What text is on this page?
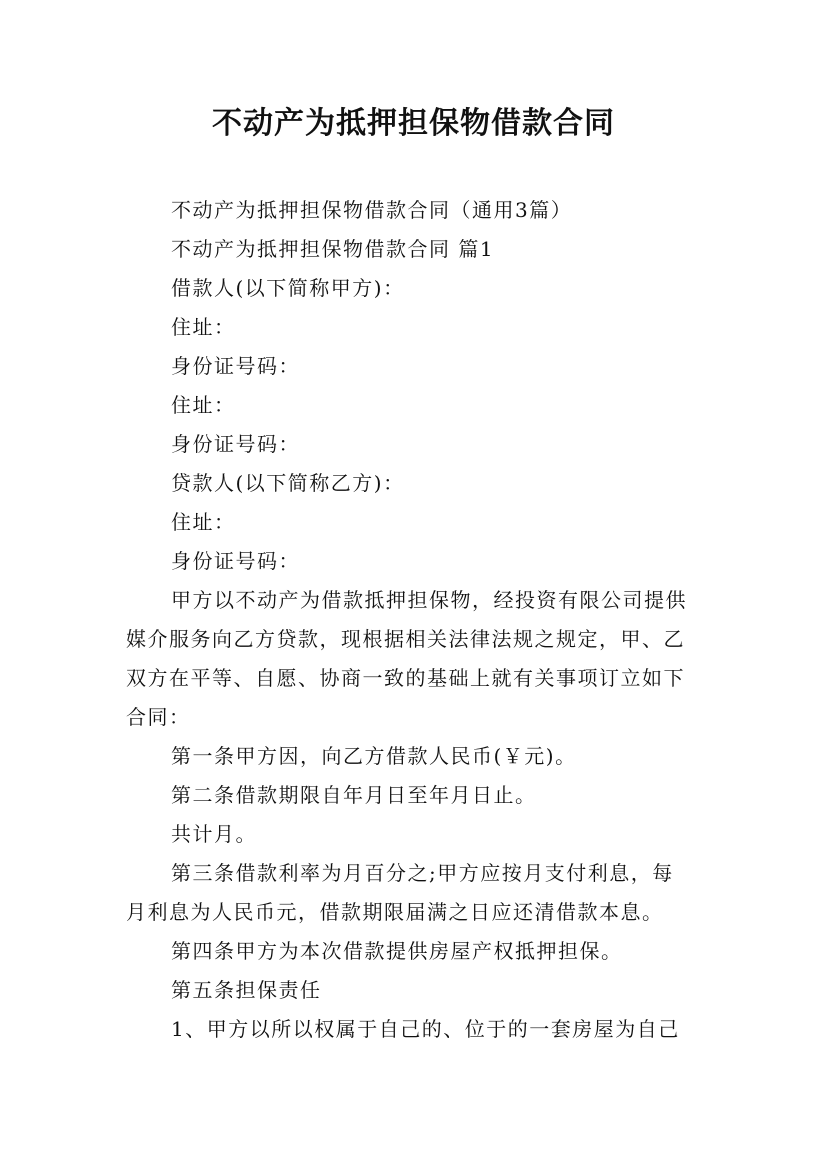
不动产为抵押担保物借款合同
不动产为抵押担保物借款合同（通用3篇）
不动产为抵押担保物借款合同 篇1
借款人(以下简称甲方)：
住址：
身份证号码：
住址：
身份证号码：
贷款人(以下简称乙方)：
住址：
身份证号码：
甲方以不动产为借款抵押担保物，经投资有限公司提供
媒介服务向乙方贷款，现根据相关法律法规之规定，甲、乙
双方在平等、自愿、协商一致的基础上就有关事项订立如下
合同：
第一条甲方因，向乙方借款人民币(￥元)。
第二条借款期限自年月日至年月日止。
共计月。
第三条借款利率为月百分之;甲方应按月支付利息，每
月利息为人民币元，借款期限届满之日应还清借款本息。
第四条甲方为本次借款提供房屋产权抵押担保。
第五条担保责任
1、甲方以所以权属于自己的、位于的一套房屋为自己
